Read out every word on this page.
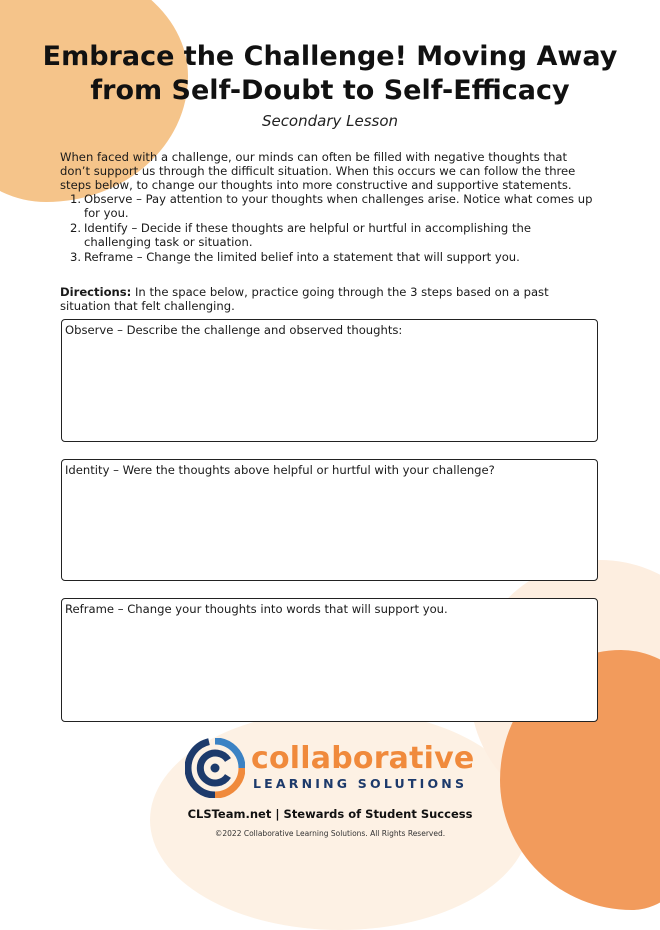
Embrace the Challenge! Moving Away from Self-Doubt to Self-Efficacy
Secondary Lesson

When faced with a challenge, our minds can often be filled with negative thoughts that don’t support us through the difficult situation. When this occurs we can follow the three steps below, to change our thoughts into more constructive and supportive statements.

1. Observe – Pay attention to your thoughts when challenges arise. Notice what comes up for you.
2. Identify – Decide if these thoughts are helpful or hurtful in accomplishing the challenging task or situation.
3. Reframe – Change the limited belief into a statement that will support you.

Directions: In the space below, practice going through the 3 steps based on a past situation that felt challenging.

Observe – Describe the challenge and observed thoughts:
Identity – Were the thoughts above helpful or hurtful with your challenge?
Reframe – Change your thoughts into words that will support you.
collaborative
LEARNING SOLUTIONS
CLSTeam.net | Stewards of Student Success
©2022 Collaborative Learning Solutions. All Rights Reserved.
